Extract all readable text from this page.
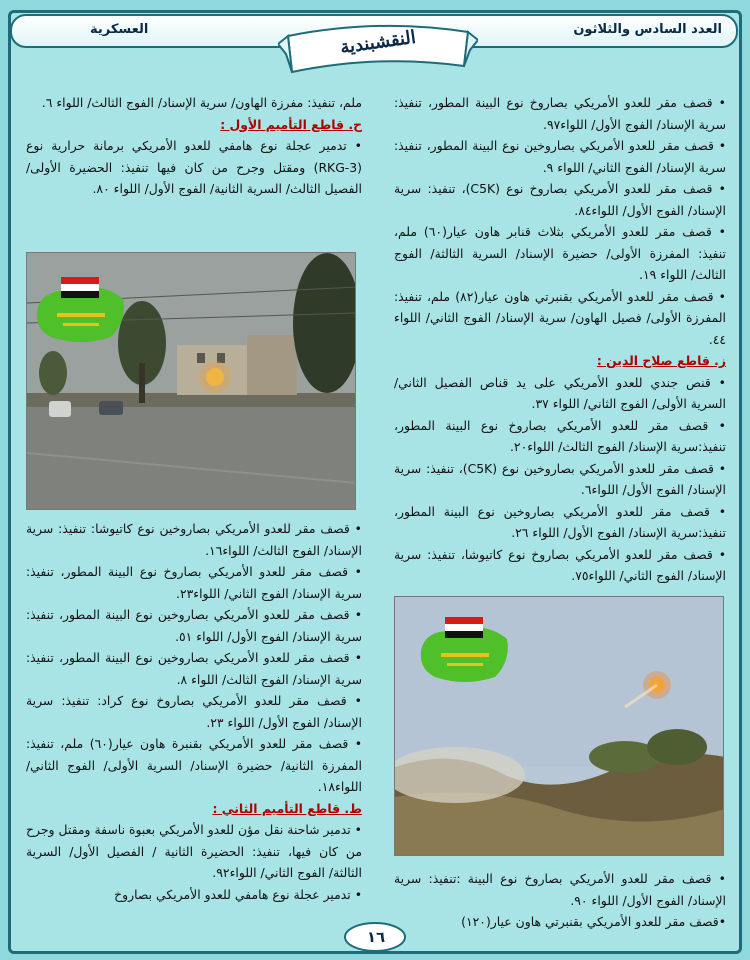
النقشبندية	العدد السادس والثلاثون
العسكرية

• قصف مقر للعدو الأمريكي بصاروخ نوع البينة المطور، تنفيذ: سرية الإسناد/ الفوج الأول/ اللواء٩٧.

• قصف مقر للعدو الأمريكي بصاروخين نوع البينة المطور، تنفيذ: سرية الإسناد/ الفوج الثاني/ اللواء ٩.

• قصف مقر للعدو الأمريكي بصاروخ نوع (C5K)، تنفيذ: سرية الإسناد/ الفوج الأول/ اللواء٨٤.

• قصف مقر للعدو الأمريكي بثلاث قنابر هاون عيار(٦٠) ملم، تنفيذ: المفرزة الأولى/ حضيرة الإسناد/ السرية الثالثة/ الفوج الثالث/ اللواء ١٩.

• قصف مقر للعدو الأمريكي بقنبرتي هاون عيار(٨٢) ملم، تنفيذ: المفرزة الأولى/ فصيل الهاون/ سرية الإسناد/ الفوج الثاني/ اللواء ٤٤.

ز. قاطع صلاح الدين :

• قنص جندي للعدو الأمريكي على يد قناص الفصيل الثاني/ السرية الأولى/ الفوج الثاني/ اللواء ٣٧.

• قصف مقر للعدو الأمريكي بصاروخ نوع البينة المطور، تنفيذ:سرية الإسناد/ الفوج الثالث/ اللواء٢٠.

• قصف مقر للعدو الأمريكي بصاروخين نوع (C5K)، تنفيذ: سرية الإسناد/ الفوج الأول/ اللواء٦.

• قصف مقر للعدو الأمريكي بصاروخين نوع البينة المطور، تنفيذ:سرية الإسناد/ الفوج الأول/ اللواء ٢٦.

• قصف مقر للعدو الأمريكي بصاروخ نوع كاتيوشا، تنفيذ: سرية الإسناد/ الفوج الثاني/ اللواء٧٥.

• قصف مقر للعدو الأمريكي بصاروخ نوع البينة :تنفيذ: سرية الإسناد/ الفوج الأول/ اللواء ٩٠.

•قصف مقر للعدو الأمريكي بقنبرتي هاون عيار(١٢٠)

ملم، تنفيذ: مفرزة الهاون/ سرية الإسناد/ الفوج الثالث/ اللواء ٦.

ح. قاطع التأميم الأول :

• تدمير عجلة نوع هامفي للعدو الأمريكي برمانة حرارية نوع (RKG-3) ومقتل وجرح من كان فيها تنفيذ: الحضيرة الأولى/ الفصيل الثالث/ السرية الثانية/ الفوج الأول/ اللواء ٨٠.

• قصف مقر للعدو الأمريكي بصاروخين نوع كاتيوشا: تنفيذ: سرية الإسناد/ الفوج الثالث/ اللواء١٦.

• قصف مقر للعدو الأمريكي بصاروخ نوع البينة المطور، تنفيذ: سرية الإسناد/ الفوج الثاني/ اللواء٢٣.

• قصف مقر للعدو الأمريكي بصاروخين نوع البينة المطور، تنفيذ: سرية الإسناد/ الفوج الأول/ اللواء ٥١.

• قصف مقر للعدو الأمريكي بصاروخين نوع البينة المطور، تنفيذ: سرية الإسناد/ الفوج الثالث/ اللواء ٨.

• قصف مقر للعدو الأمريكي بصاروخ نوع كراد: تنفيذ: سرية الإسناد/ الفوج الأول/ اللواء ٢٣.

• قصف مقر للعدو الأمريكي بقنبرة هاون عيار(٦٠) ملم، تنفيذ: المفرزة الثانية/ حضيرة الإسناد/ السرية الأولى/ الفوج الثاني/ اللواء١٨.

ط. قاطع التأميم الثاني :

• تدمير شاحنة نقل مؤن للعدو الأمريكي بعبوة ناسفة ومقتل وجرح من كان فيها، تنفيذ: الحضيرة الثانية / الفصيل الأول/ السرية الثالثة/ الفوج الثاني/ اللواء٩٢.

• تدمير عجلة نوع هامفي للعدو الأمريكي بصاروخ

١٦
